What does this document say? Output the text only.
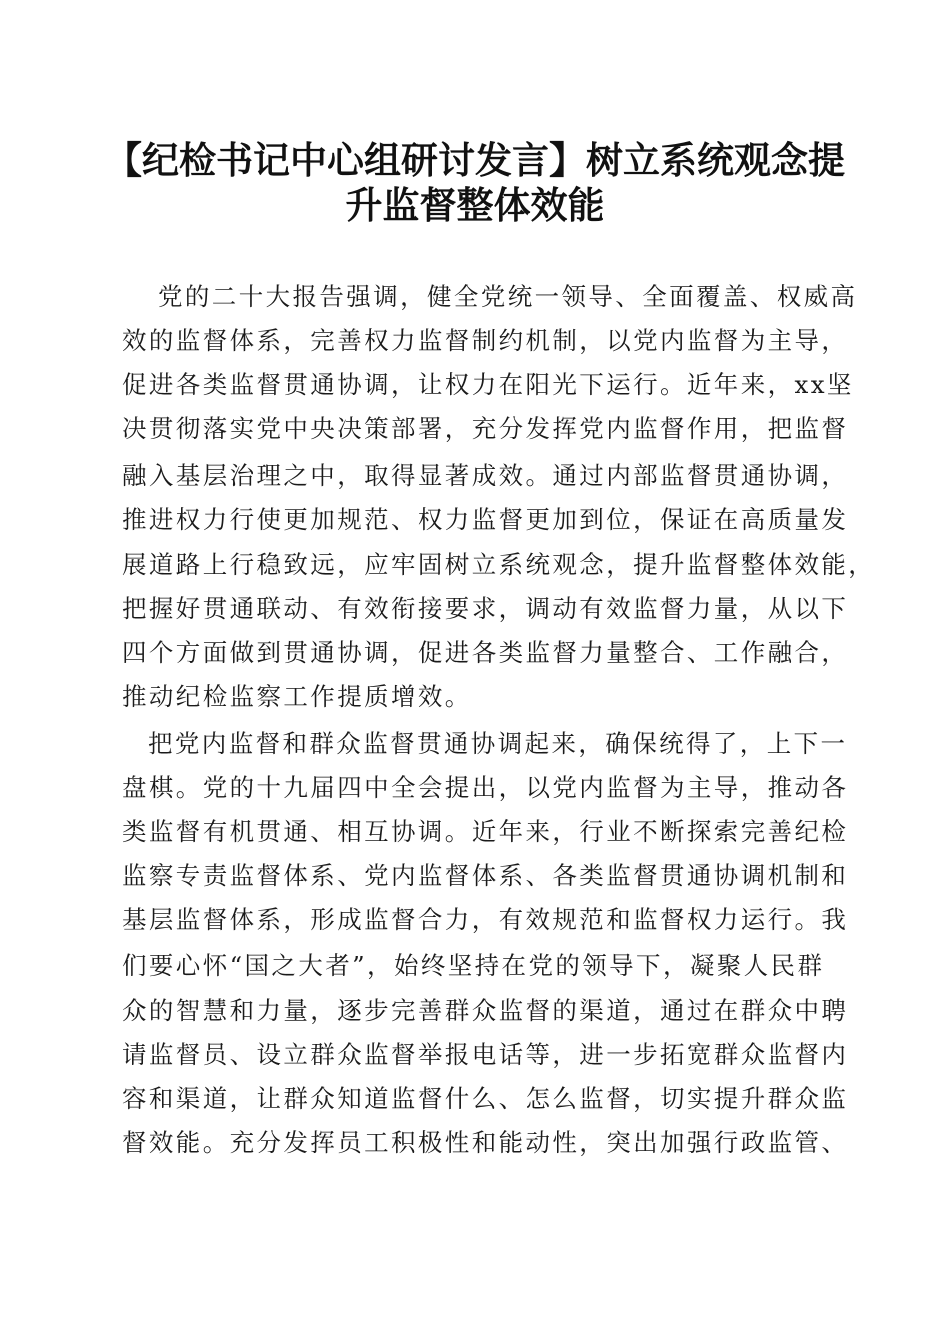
【纪检书记中心组研讨发言】树立系统观念提
升监督整体效能
党的二十大报告强调，健全党统一领导、全面覆盖、权威高
效的监督体系，完善权力监督制约机制，以党内监督为主导，
促进各类监督贯通协调，让权力在阳光下运行。近年来，xx坚
决贯彻落实党中央决策部署，充分发挥党内监督作用，把监督
融入基层治理之中，取得显著成效。通过内部监督贯通协调，
推进权力行使更加规范、权力监督更加到位，保证在高质量发
展道路上行稳致远，应牢固树立系统观念，提升监督整体效能，
把握好贯通联动、有效衔接要求，调动有效监督力量，从以下
四个方面做到贯通协调，促进各类监督力量整合、工作融合，
推动纪检监察工作提质增效。
把党内监督和群众监督贯通协调起来，确保统得了，上下一
盘棋。党的十九届四中全会提出，以党内监督为主导，推动各
类监督有机贯通、相互协调。近年来，行业不断探索完善纪检
监察专责监督体系、党内监督体系、各类监督贯通协调机制和
基层监督体系，形成监督合力，有效规范和监督权力运行。我
们要心怀“国之大者”，始终坚持在党的领导下，凝聚人民群
众的智慧和力量，逐步完善群众监督的渠道，通过在群众中聘
请监督员、设立群众监督举报电话等，进一步拓宽群众监督内
容和渠道，让群众知道监督什么、怎么监督，切实提升群众监
督效能。充分发挥员工积极性和能动性，突出加强行政监管、
